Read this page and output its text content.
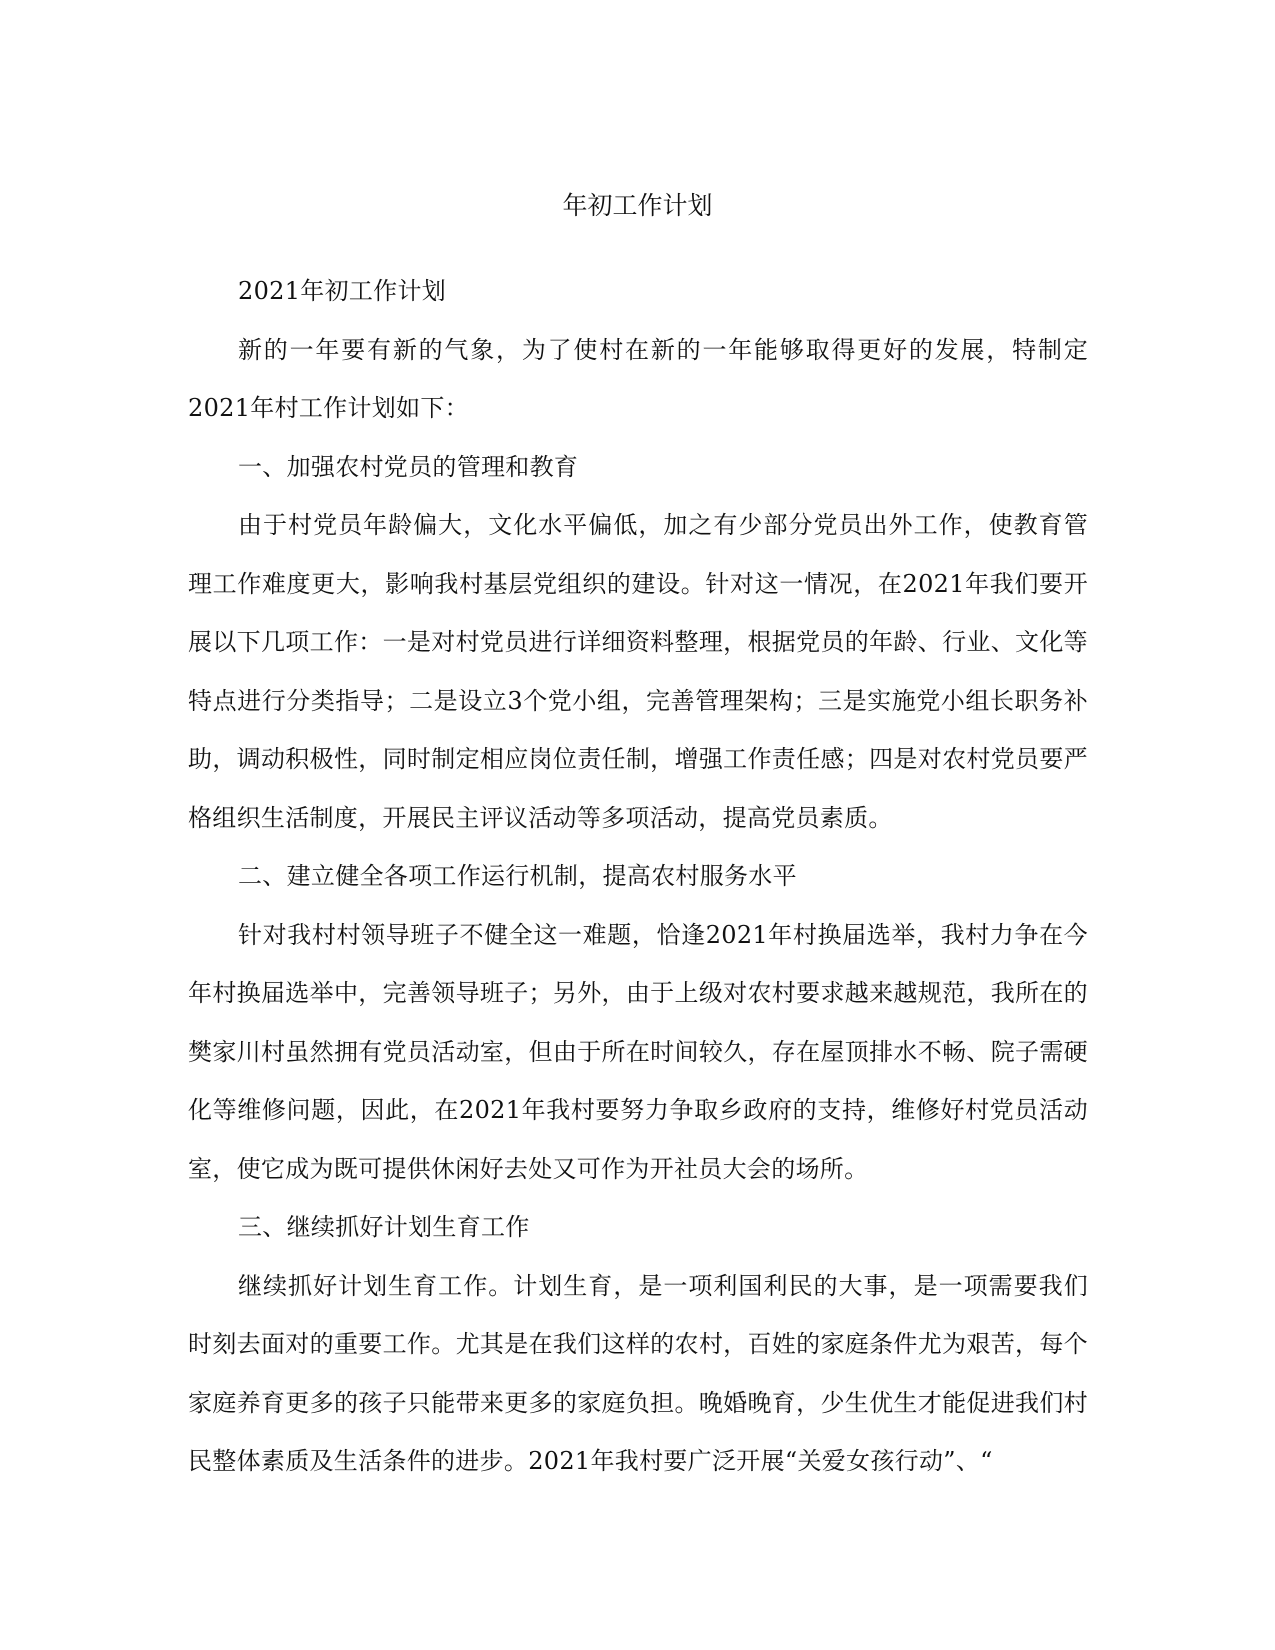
年初工作计划

2021年初工作计划

新的一年要有新的气象，为了使村在新的一年能够取得更好的发展，特制定2021年村工作计划如下：

一、加强农村党员的管理和教育

由于村党员年龄偏大，文化水平偏低，加之有少部分党员出外工作，使教育管理工作难度更大，影响我村基层党组织的建设。针对这一情况，在2021年我们要开展以下几项工作：一是对村党员进行详细资料整理，根据党员的年龄、行业、文化等特点进行分类指导；二是设立3个党小组，完善管理架构；三是实施党小组长职务补助，调动积极性，同时制定相应岗位责任制，增强工作责任感；四是对农村党员要严格组织生活制度，开展民主评议活动等多项活动，提高党员素质。

二、建立健全各项工作运行机制，提高农村服务水平

针对我村村领导班子不健全这一难题，恰逢2021年村换届选举，我村力争在今年村换届选举中，完善领导班子；另外，由于上级对农村要求越来越规范，我所在的樊家川村虽然拥有党员活动室，但由于所在时间较久，存在屋顶排水不畅、院子需硬化等维修问题，因此，在2021年我村要努力争取乡政府的支持，维修好村党员活动室，使它成为既可提供休闲好去处又可作为开社员大会的场所。

三、继续抓好计划生育工作

继续抓好计划生育工作。计划生育，是一项利国利民的大事，是一项需要我们时刻去面对的重要工作。尤其是在我们这样的农村，百姓的家庭条件尤为艰苦，每个家庭养育更多的孩子只能带来更多的家庭负担。晚婚晚育，少生优生才能促进我们村民整体素质及生活条件的进步。2021年我村要广泛开展“关爱女孩行动”、“
